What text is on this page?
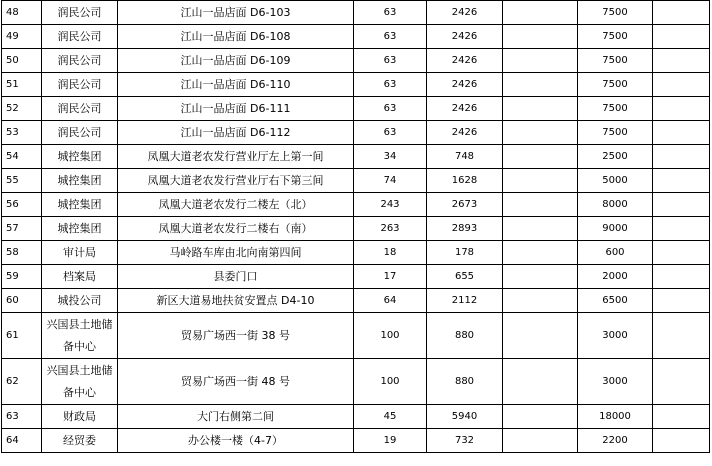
48	润民公司	江山一品店面 D6-103	63	2426		7500	
49	润民公司	江山一品店面 D6-108	63	2426		7500	
50	润民公司	江山一品店面 D6-109	63	2426		7500	
51	润民公司	江山一品店面 D6-110	63	2426		7500	
52	润民公司	江山一品店面 D6-111	63	2426		7500	
53	润民公司	江山一品店面 D6-112	63	2426		7500	
54	城控集团	凤凰大道老农发行营业厅左上第一间	34	748		2500	
55	城控集团	凤凰大道老农发行营业厅右下第三间	74	1628		5000	
56	城控集团	凤凰大道老农发行二楼左（北）	243	2673		8000	
57	城控集团	凤凰大道老农发行二楼右（南）	263	2893		9000	
58	审计局	马岭路车库由北向南第四间	18	178		600	
59	档案局	县委门口	17	655		2000	
60	城投公司	新区大道易地扶贫安置点 D4-10	64	2112		6500	
61	兴国县土地储备中心	贸易广场西一街 38 号	100	880		3000	
62	兴国县土地储备中心	贸易广场西一街 48 号	100	880		3000	
63	财政局	大门右侧第二间	45	5940		18000	
64	经贸委	办公楼一楼（4-7）	19	732		2200	
